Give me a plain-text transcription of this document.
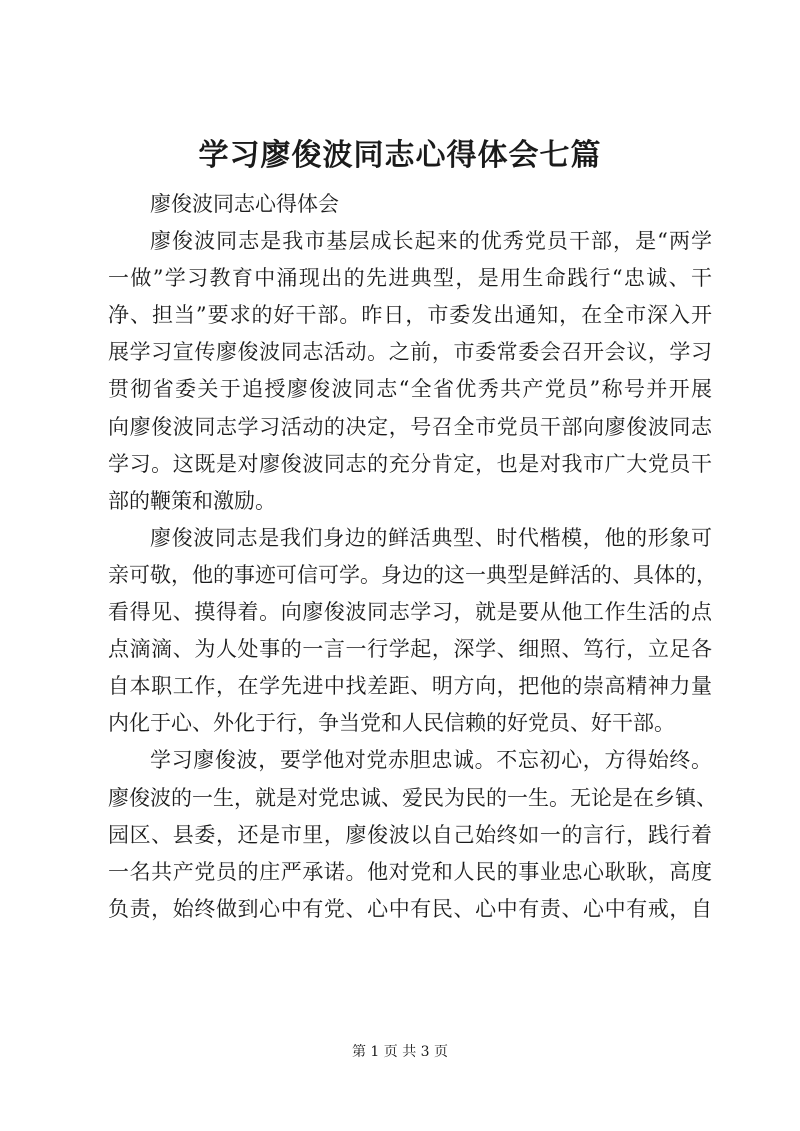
学习廖俊波同志心得体会七篇
廖俊波同志心得体会
廖俊波同志是我市基层成长起来的优秀党员干部，是“两学
一做”学习教育中涌现出的先进典型，是用生命践行“忠诚、干
净、担当”要求的好干部。昨日，市委发出通知，在全市深入开
展学习宣传廖俊波同志活动。之前，市委常委会召开会议，学习
贯彻省委关于追授廖俊波同志“全省优秀共产党员”称号并开展
向廖俊波同志学习活动的决定，号召全市党员干部向廖俊波同志
学习。这既是对廖俊波同志的充分肯定，也是对我市广大党员干
部的鞭策和激励。
廖俊波同志是我们身边的鲜活典型、时代楷模，他的形象可
亲可敬，他的事迹可信可学。身边的这一典型是鲜活的、具体的，
看得见、摸得着。向廖俊波同志学习，就是要从他工作生活的点
点滴滴、为人处事的一言一行学起，深学、细照、笃行，立足各
自本职工作，在学先进中找差距、明方向，把他的崇高精神力量
内化于心、外化于行，争当党和人民信赖的好党员、好干部。
学习廖俊波，要学他对党赤胆忠诚。不忘初心，方得始终。
廖俊波的一生，就是对党忠诚、爱民为民的一生。无论是在乡镇、
园区、县委，还是市里，廖俊波以自己始终如一的言行，践行着
一名共产党员的庄严承诺。他对党和人民的事业忠心耿耿，高度
负责，始终做到心中有党、心中有民、心中有责、心中有戒，自
第 1 页 共 3 页
